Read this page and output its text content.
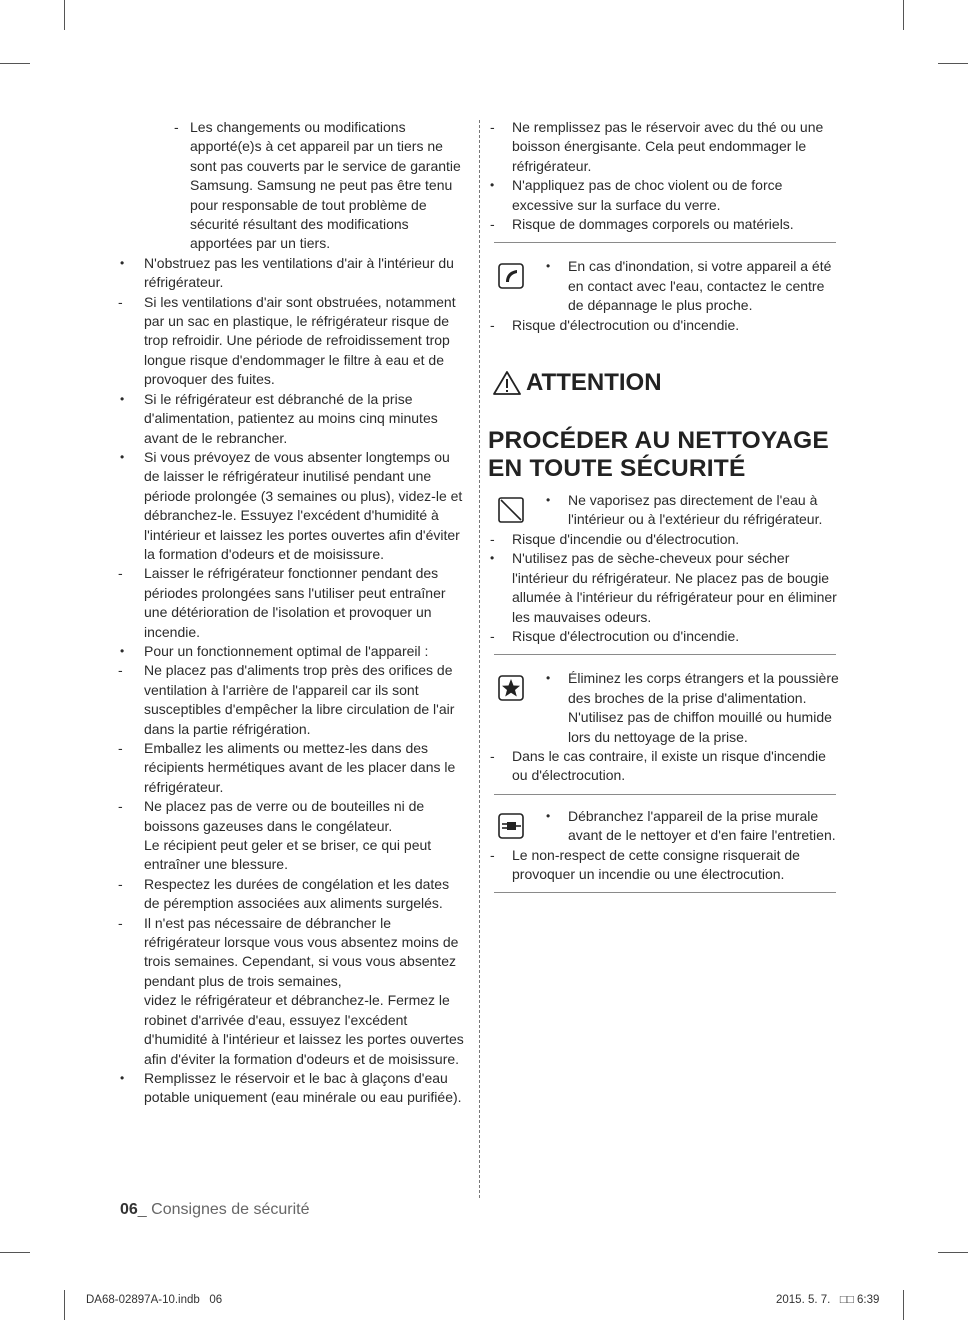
- Les changements ou modifications apporté(e)s à cet appareil par un tiers ne sont pas couverts par le service de garantie Samsung. Samsung ne peut pas être tenu pour responsable de tout problème de sécurité résultant des modifications apportées par un tiers.
• N'obstruez pas les ventilations d'air à l'intérieur du réfrigérateur.
- Si les ventilations d'air sont obstruées, notamment par un sac en plastique, le réfrigérateur risque de trop refroidir. Une période de refroidissement trop longue risque d'endommager le filtre à eau et de provoquer des fuites.
• Si le réfrigérateur est débranché de la prise d'alimentation, patientez au moins cinq minutes avant de le rebrancher.
• Si vous prévoyez de vous absenter longtemps ou de laisser le réfrigérateur inutilisé pendant une période prolongée (3 semaines ou plus), videz-le et débranchez-le. Essuyez l'excédent d'humidité à l'intérieur et laissez les portes ouvertes afin d'éviter la formation d'odeurs et de moisissure.
- Laisser le réfrigérateur fonctionner pendant des périodes prolongées sans l'utiliser peut entraîner une détérioration de l'isolation et provoquer un incendie.
• Pour un fonctionnement optimal de l'appareil :
- Ne placez pas d'aliments trop près des orifices de ventilation à l'arrière de l'appareil car ils sont susceptibles d'empêcher la libre circulation de l'air dans la partie réfrigération.
- Emballez les aliments ou mettez-les dans des récipients hermétiques avant de les placer dans le réfrigérateur.
- Ne placez pas de verre ou de bouteilles ni de boissons gazeuses dans le congélateur.
Le récipient peut geler et se briser, ce qui peut entraîner une blessure.
- Respectez les durées de congélation et les dates de péremption associées aux aliments surgelés.
- Il n'est pas nécessaire de débrancher le réfrigérateur lorsque vous vous absentez moins de trois semaines. Cependant, si vous vous absentez pendant plus de trois semaines,
videz le réfrigérateur et débranchez-le. Fermez le robinet d'arrivée d'eau, essuyez l'excédent d'humidité à l'intérieur et laissez les portes ouvertes afin d'éviter la formation d'odeurs et de moisissure.
• Remplissez le réservoir et le bac à glaçons d'eau potable uniquement (eau minérale ou eau purifiée).
- Ne remplissez pas le réservoir avec du thé ou une boisson énergisante. Cela peut endommager le réfrigérateur.
• N'appliquez pas de choc violent ou de force excessive sur la surface du verre.
- Risque de dommages corporels ou matériels.
• En cas d'inondation, si votre appareil a été en contact avec l'eau, contactez le centre de dépannage le plus proche.
- Risque d'électrocution ou d'incendie.
ATTENTION
PROCÉDER AU NETTOYAGE EN TOUTE SÉCURITÉ
• Ne vaporisez pas directement de l'eau à l'intérieur ou à l'extérieur du réfrigérateur.
- Risque d'incendie ou d'électrocution.
• N'utilisez pas de sèche-cheveux pour sécher l'intérieur du réfrigérateur. Ne placez pas de bougie allumée à l'intérieur du réfrigérateur pour en éliminer les mauvaises odeurs.
- Risque d'électrocution ou d'incendie.
• Éliminez les corps étrangers et la poussière des broches de la prise d'alimentation. N'utilisez pas de chiffon mouillé ou humide lors du nettoyage de la prise.
- Dans le cas contraire, il existe un risque d'incendie ou d'électrocution.
• Débranchez l'appareil de la prise murale avant de le nettoyer et d'en faire l'entretien.
- Le non-respect de cette consigne risquerait de provoquer un incendie ou une électrocution.
06_ Consignes de sécurité
DA68-02897A-10.indb   06	2015. 5. 7.   □□ 6:39
